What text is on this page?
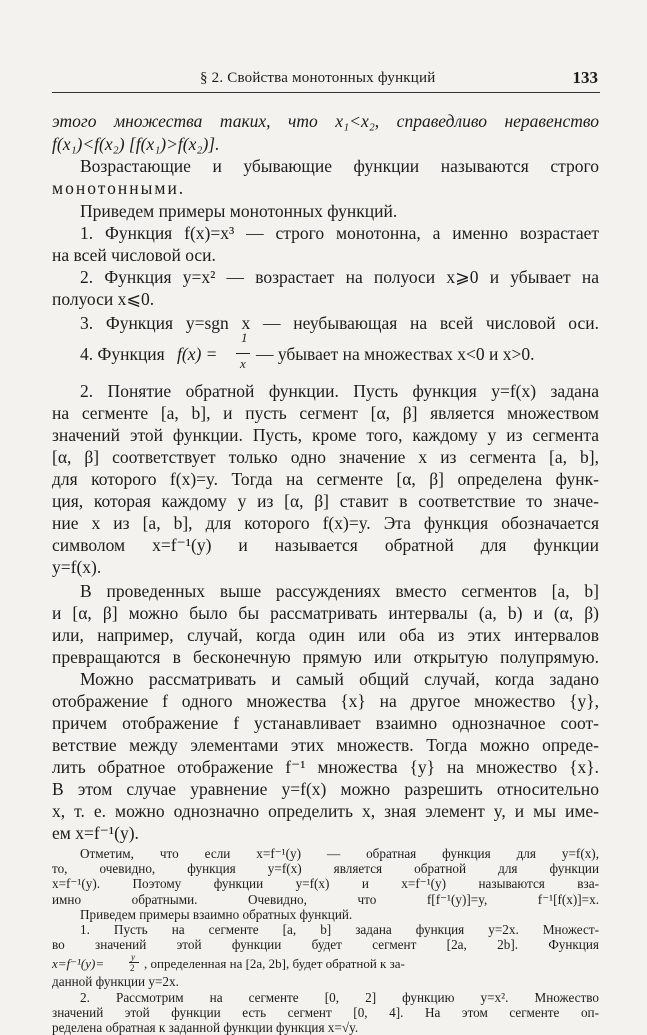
§ 2. Свойства монотонных функций	133
этого множества таких, что x₁<x₂, справедливо неравенство
f(x₁)<f(x₂) [f(x₁)>f(x₂)].
Возрастающие и убывающие функции называются строго
монотонными.
Приведем примеры монотонных функций.
1. Функция f(x)=x³ — строго монотонна, а именно возрастает
на всей числовой оси.
2. Функция y=x² — возрастает на полуоси x⩾0 и убывает на
полуоси x⩽0.
3. Функция y=sgn x — неубывающая на всей числовой оси.
4. Функция f(x) =
1
x — убывает на множествах x<0 и x>0.
2. Понятие обратной функции. Пусть функция y=f(x) задана
на сегменте [a, b], и пусть сегмент [α, β] является множеством
значений этой функции. Пусть, кроме того, каждому y из сегмента
[α, β] соответствует только одно значение x из сегмента [a, b],
для которого f(x)=y. Тогда на сегменте [α, β] определена функ-
ция, которая каждому y из [α, β] ставит в соответствие то значе-
ние x из [a, b], для которого f(x)=y. Эта функция обозначается
символом x=f⁻¹(y) и называется обратной для функции
y=f(x).
В проведенных выше рассуждениях вместо сегментов [a, b]
и [α, β] можно было бы рассматривать интервалы (a, b) и (α, β)
или, например, случай, когда один или оба из этих интервалов
превращаются в бесконечную прямую или открытую полупрямую.
Можно рассматривать и самый общий случай, когда задано
отображение f одного множества {x} на другое множество {y},
причем отображение f устанавливает взаимно однозначное соот-
ветствие между элементами этих множеств. Тогда можно опреде-
лить обратное отображение f⁻¹ множества {y} на множество {x}.
В этом случае уравнение y=f(x) можно разрешить относительно
x, т. е. можно однозначно определить x, зная элемент y, и мы име-
ем x=f⁻¹(y).
Отметим, что если x=f⁻¹(y) — обратная функция для y=f(x),
то, очевидно, функция y=f(x) является обратной для функции
x=f⁻¹(y). Поэтому функции y=f(x) и x=f⁻¹(y) называются вза-
имно обратными. Очевидно, что f[f⁻¹(y)]=y, f⁻¹[f(x)]=x.
Приведем примеры взаимно обратных функций.
1. Пусть на сегменте [a, b] задана функция y=2x. Множест-
во значений этой функции будет сегмент [2a, 2b]. Функция
x=f⁻¹(y)=	y
2 , определенная на [2a, 2b], будет обратной к за-
данной функции y=2x.
2. Рассмотрим на сегменте [0, 2] функцию y=x². Множество
значений этой функции есть сегмент [0, 4]. На этом сегменте оп-
ределена обратная к заданной функции функция x=√y.
